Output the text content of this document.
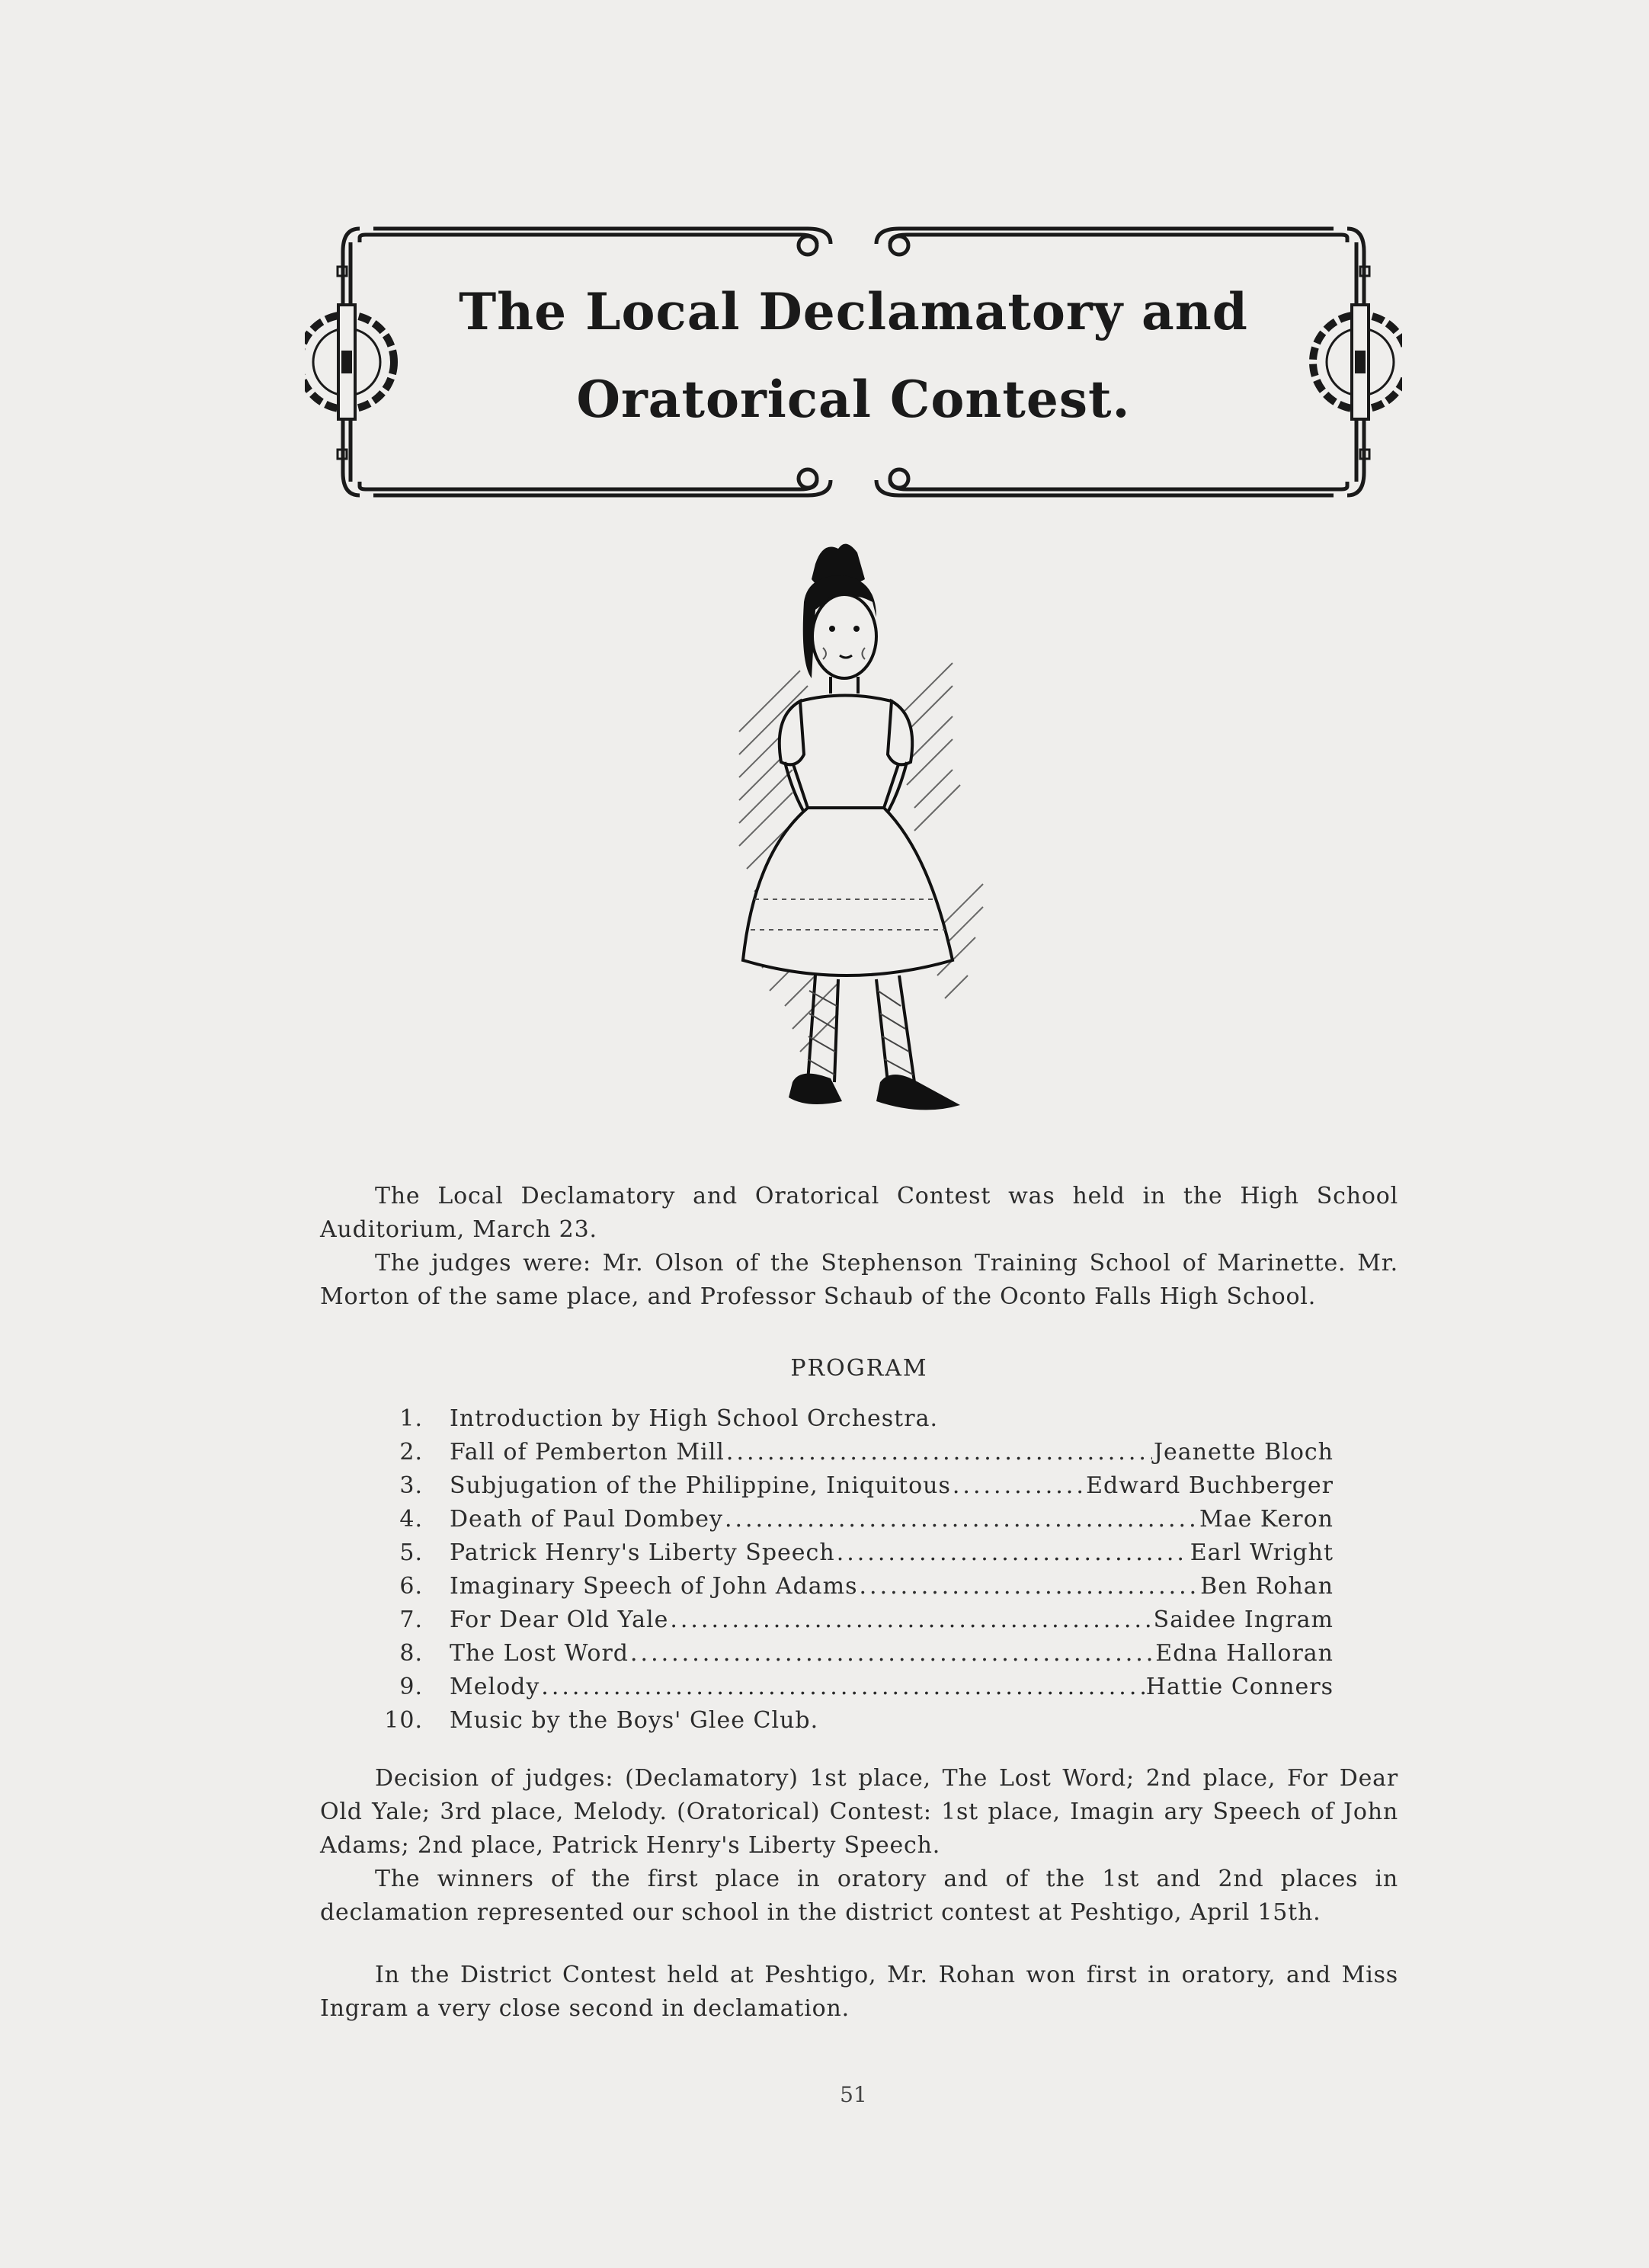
The Local Declamatory and
Oratorical Contest.

The Local Declamatory and Oratorical Contest was held in the High School Auditorium, March 23.

The judges were: Mr. Olson of the Stephenson Training School of Marinette. Mr. Morton of the same place, and Professor Schaub of the Oconto Falls High School.

PROGRAM
1. Introduction by High School Orchestra.
2. Fall of Pemberton Mill .....	Jeanette Bloch
3. Subjugation of the Philippine, Iniquitous .....	Edward Buchberger
4. Death of Paul Dombey .....	Mae Keron
5. Patrick Henry's Liberty Speech .....	Earl Wright
6. Imaginary Speech of John Adams .....	Ben Rohan
7. For Dear Old Yale .....	Saidee Ingram
8. The Lost Word .....	Edna Halloran
9. Melody .....	Hattie Conners
10. Music by the Boys' Glee Club.

Decision of judges: (Declamatory) 1st place, The Lost Word; 2nd place, For Dear Old Yale; 3rd place, Melody. (Oratorical) Contest: 1st place, Imagin ary Speech of John Adams; 2nd place, Patrick Henry's Liberty Speech.

The winners of the first place in oratory and of the 1st and 2nd places in declamation represented our school in the district contest at Peshtigo, April 15th.

In the District Contest held at Peshtigo, Mr. Rohan won first in oratory, and Miss Ingram a very close second in declamation.

51
